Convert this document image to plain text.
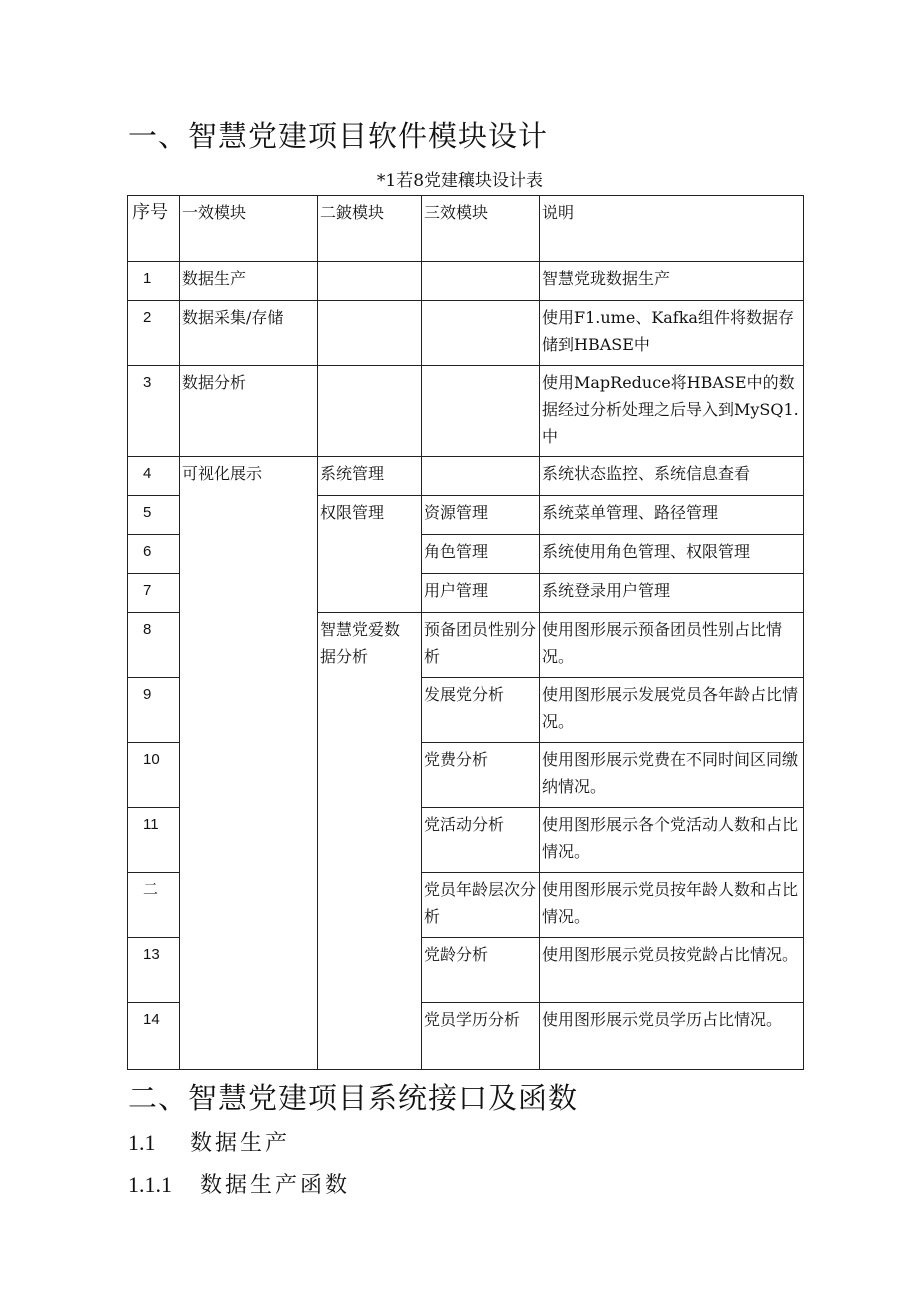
一、智慧党建项目软件模块设计
*1若8党建穰块设计表
序号	一效模块	二鈹模块	三效模块	说明
1	数据生产			智慧党珑数据生产
2	数据采集/存储			使用F1.ume、Kafka组件将数据存储到HBASE中
3	数据分析			使用MapReduce将HBASE中的数据经过分析处理之后导入到MySQ1.中
4	可视化展示	系统管理		系统状态监控、系统信息查看
5		权限管理	资源管理	系统菜单管理、路径管理
6			角色管理	系统使用角色管理、权限管理
7			用户管理	系统登录用户管理
8		智慧党爱数据分析	预备团员性别分析	使用图形展示预备团员性别占比情况。
9			发展党分析	使用图形展示发展党员各年龄占比情况。
10			党费分析	使用图形展示党费在不同时间区同缴纳情况。
11			党活动分析	使用图形展示各个党活动人数和占比情况。
二			党员年龄层次分析	使用图形展示党员按年龄人数和占比情况。
13			党龄分析	使用图形展示党员按党龄占比情况。
14			党员学历分析	使用图形展示党员学历占比情况。
二、智慧党建项目系统接口及函数
1.1 数据生产
1.1.1 数据生产函数
